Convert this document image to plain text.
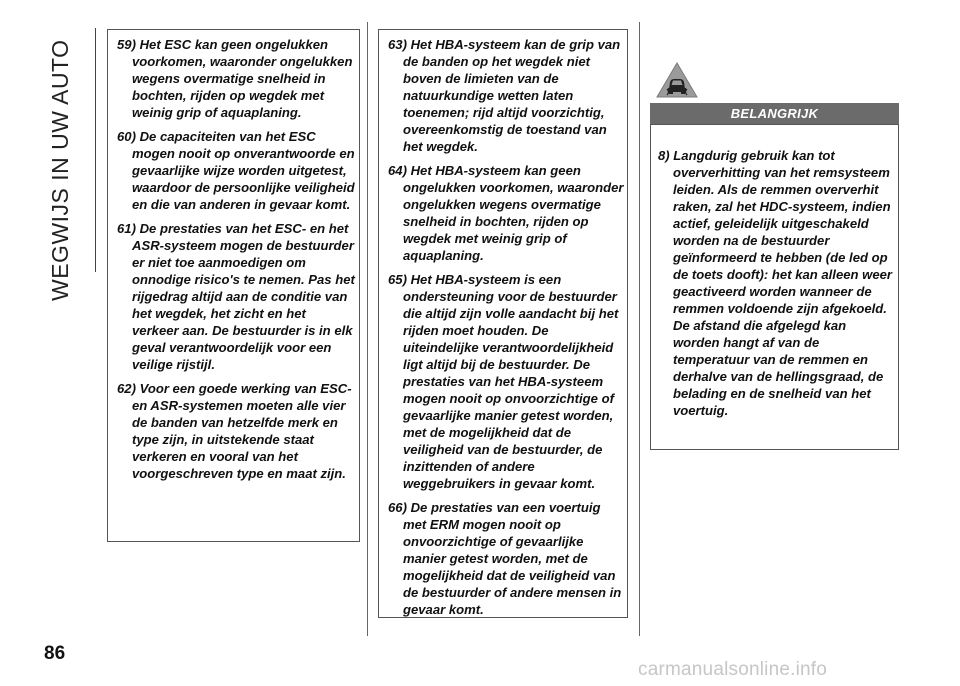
WEGWIJS IN UW AUTO	59) Het ESC kan geen ongelukken voorkomen, waaronder ongelukken wegens overmatige snelheid in bochten, rijden op wegdek met weinig grip of aquaplaning.
60) De capaciteiten van het ESC mogen nooit op onverantwoorde en gevaarlijke wijze worden uitgetest, waardoor de persoonlijke veiligheid en die van anderen in gevaar komt.
61) De prestaties van het ESC- en het ASR-systeem mogen de bestuurder er niet toe aanmoedigen om onnodige risico's te nemen. Pas het rijgedrag altijd aan de conditie van het wegdek, het zicht en het verkeer aan. De bestuurder is in elk geval verantwoordelijk voor een veilige rijstijl.
62) Voor een goede werking van ESC- en ASR-systemen moeten alle vier de banden van hetzelfde merk en type zijn, in uitstekende staat verkeren en vooral van het voorgeschreven type en maat zijn.
63) Het HBA-systeem kan de grip van de banden op het wegdek niet boven de limieten van de natuurkundige wetten laten toenemen; rijd altijd voorzichtig, overeenkomstig de toestand van het wegdek.
64) Het HBA-systeem kan geen ongelukken voorkomen, waaronder ongelukken wegens overmatige snelheid in bochten, rijden op wegdek met weinig grip of aquaplaning.
65) Het HBA-systeem is een ondersteuning voor de bestuurder die altijd zijn volle aandacht bij het rijden moet houden. De uiteindelijke verantwoordelijkheid ligt altijd bij de bestuurder. De prestaties van het HBA-systeem mogen nooit op onvoorzichtige of gevaarlijke manier getest worden, met de mogelijkheid dat de veiligheid van de bestuurder, de inzittenden of andere weggebruikers in gevaar komt.
66) De prestaties van een voertuig met ERM mogen nooit op onvoorzichtige of gevaarlijke manier getest worden, met de mogelijkheid dat de veiligheid van de bestuurder of andere mensen in gevaar komt.
BELANGRIJK
8) Langdurig gebruik kan tot oververhitting van het remsysteem leiden. Als de remmen oververhit raken, zal het HDC-systeem, indien actief, geleidelijk uitgeschakeld worden na de bestuurder geïnformeerd te hebben (de led op de toets dooft): het kan alleen weer geactiveerd worden wanneer de remmen voldoende zijn afgekoeld. De afstand die afgelegd kan worden hangt af van de temperatuur van de remmen en derhalve van de hellingsgraad, de belading en de snelheid van het voertuig.
86
carmanualsonline.info
